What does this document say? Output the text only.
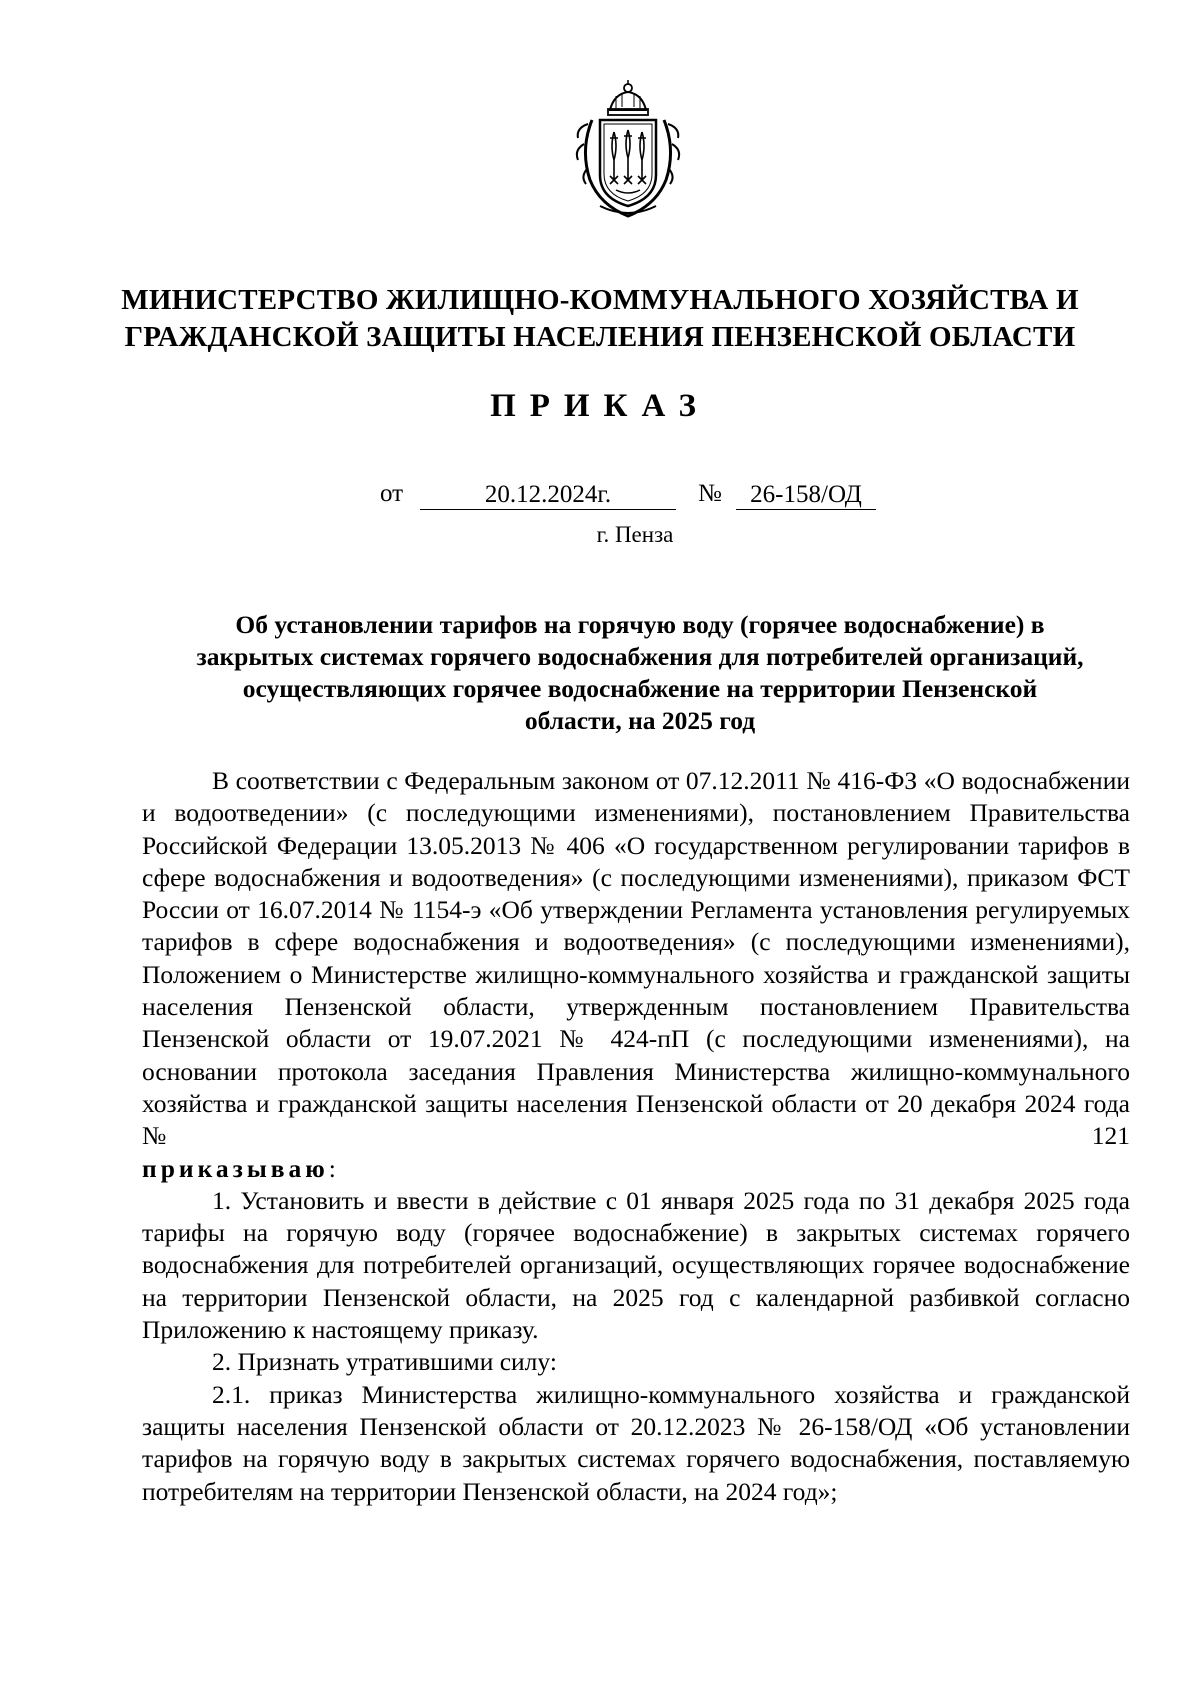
МИНИСТЕРСТВО ЖИЛИЩНО-КОММУНАЛЬНОГО ХОЗЯЙСТВА И
ГРАЖДАНСКОЙ ЗАЩИТЫ НАСЕЛЕНИЯ ПЕНЗЕНСКОЙ ОБЛАСТИ
ПРИКАЗ
от	20.12.2024г.	№	26-158/ОД
г. Пенза
Об установлении тарифов на горячую воду (горячее водоснабжение) в
закрытых системах горячего водоснабжения для потребителей организаций,
осуществляющих горячее водоснабжение на территории Пензенской
области, на 2025 год

В соответствии с Федеральным законом от 07.12.2011 № 416-ФЗ «О водоснабжении и водоотведении» (с последующими изменениями), постановлением Правительства Российской Федерации 13.05.2013 № 406 «О государственном регулировании тарифов в сфере водоснабжения и водоотведения» (с последующими изменениями), приказом ФСТ России от 16.07.2014 № 1154-э «Об утверждении Регламента установления регулируемых тарифов в сфере водоснабжения и водоотведения» (с последующими изменениями), Положением о Министерстве жилищно-коммунального хозяйства и гражданской защиты населения Пензенской области, утвержденным постановлением Правительства Пензенской области от 19.07.2021 № 424-пП (с последующими изменениями), на основании протокола заседания Правления Министерства жилищно-коммунального хозяйства и гражданской защиты населения Пензенской области от 20 декабря 2024 года № 121

приказываю:

1. Установить и ввести в действие с 01 января 2025 года по 31 декабря 2025 года тарифы на горячую воду (горячее водоснабжение) в закрытых системах горячего водоснабжения для потребителей организаций, осуществляющих горячее водоснабжение на территории Пензенской области, на 2025 год с календарной разбивкой согласно Приложению к настоящему приказу.

2. Признать утратившими силу:

2.1. приказ Министерства жилищно-коммунального хозяйства и гражданской защиты населения Пензенской области от 20.12.2023 № 26-158/ОД «Об установлении тарифов на горячую воду в закрытых системах горячего водоснабжения, поставляемую потребителям на территории Пензенской области, на 2024 год»;
